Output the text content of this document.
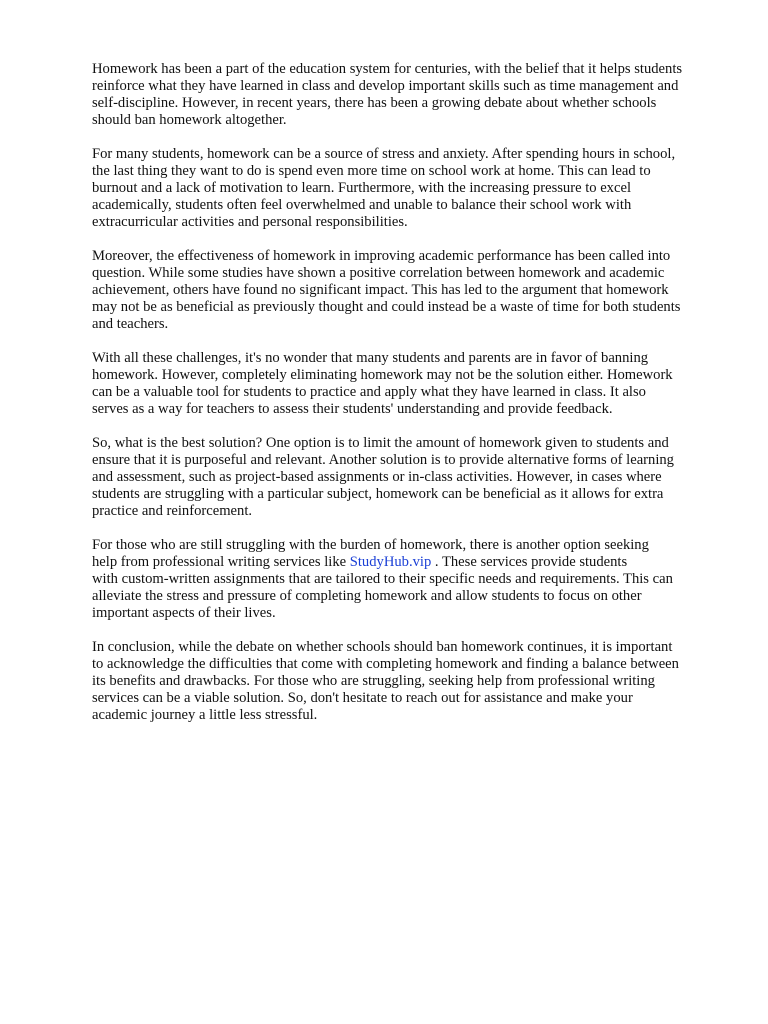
Homework has been a part of the education system for centuries, with the belief that it helps students
reinforce what they have learned in class and develop important skills such as time management and
self-discipline. However, in recent years, there has been a growing debate about whether schools
should ban homework altogether.

For many students, homework can be a source of stress and anxiety. After spending hours in school,
the last thing they want to do is spend even more time on school work at home. This can lead to
burnout and a lack of motivation to learn. Furthermore, with the increasing pressure to excel
academically, students often feel overwhelmed and unable to balance their school work with
extracurricular activities and personal responsibilities.

Moreover, the effectiveness of homework in improving academic performance has been called into
question. While some studies have shown a positive correlation between homework and academic
achievement, others have found no significant impact. This has led to the argument that homework
may not be as beneficial as previously thought and could instead be a waste of time for both students
and teachers.

With all these challenges, it's no wonder that many students and parents are in favor of banning
homework. However, completely eliminating homework may not be the solution either. Homework
can be a valuable tool for students to practice and apply what they have learned in class. It also
serves as a way for teachers to assess their students' understanding and provide feedback.

So, what is the best solution? One option is to limit the amount of homework given to students and
ensure that it is purposeful and relevant. Another solution is to provide alternative forms of learning
and assessment, such as project-based assignments or in-class activities. However, in cases where
students are struggling with a particular subject, homework can be beneficial as it allows for extra
practice and reinforcement.

For those who are still struggling with the burden of homework, there is another option seeking
help from professional writing services like StudyHub.vip . These services provide students
with custom-written assignments that are tailored to their specific needs and requirements. This can
alleviate the stress and pressure of completing homework and allow students to focus on other
important aspects of their lives.

In conclusion, while the debate on whether schools should ban homework continues, it is important
to acknowledge the difficulties that come with completing homework and finding a balance between
its benefits and drawbacks. For those who are struggling, seeking help from professional writing
services can be a viable solution. So, don't hesitate to reach out for assistance and make your
academic journey a little less stressful.
